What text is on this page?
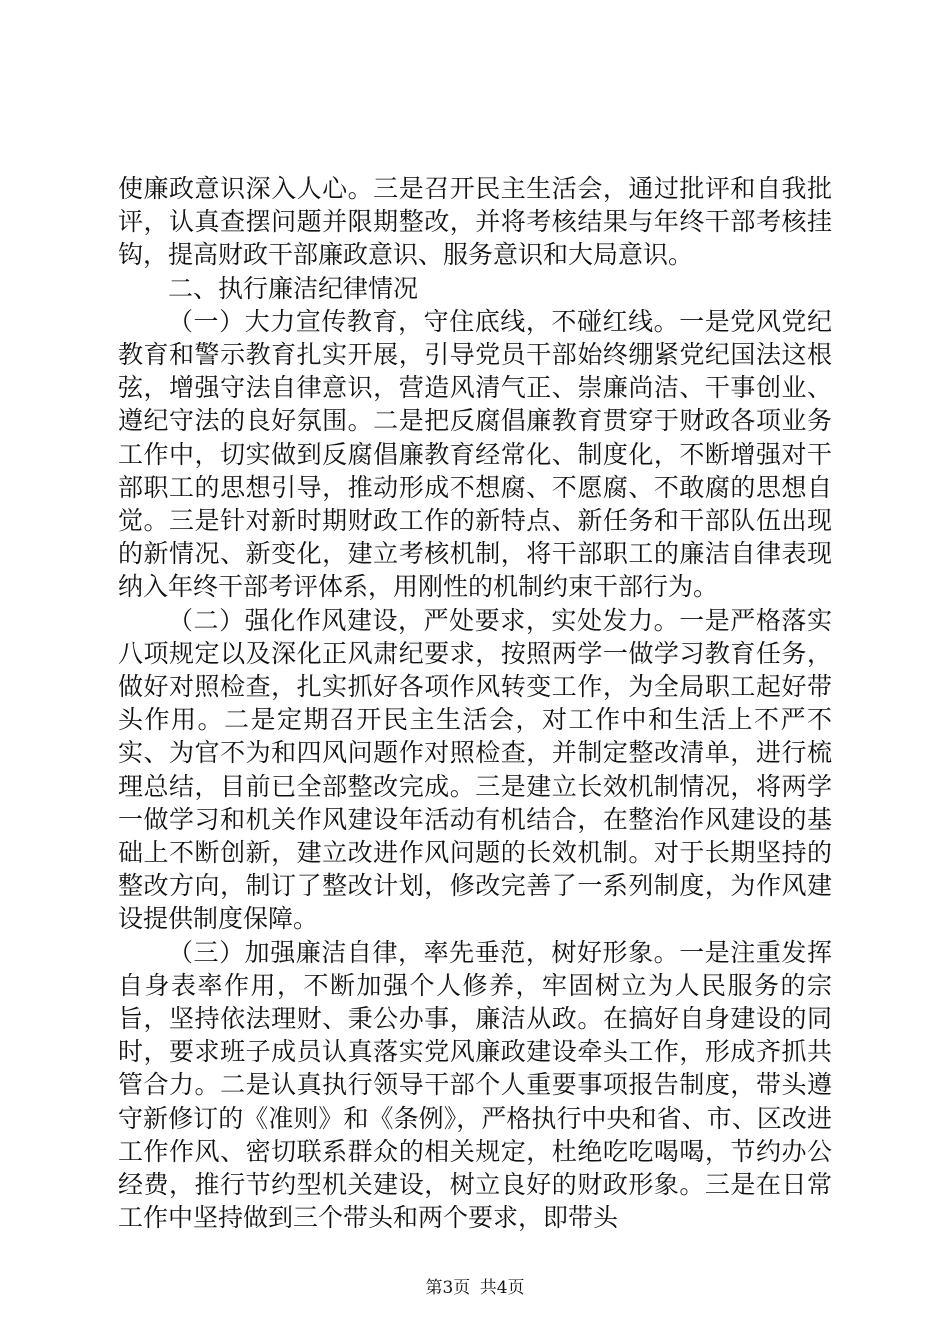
使廉政意识深入人心。三是召开民主生活会，通过批评和自我批评，认真查摆问题并限期整改，并将考核结果与年终干部考核挂钩，提高财政干部廉政意识、服务意识和大局意识。

二、执行廉洁纪律情况

（一）大力宣传教育，守住底线，不碰红线。一是党风党纪教育和警示教育扎实开展，引导党员干部始终绷紧党纪国法这根弦，增强守法自律意识，营造风清气正、崇廉尚洁、干事创业、遵纪守法的良好氛围。二是把反腐倡廉教育贯穿于财政各项业务工作中，切实做到反腐倡廉教育经常化、制度化，不断增强对干部职工的思想引导，推动形成不想腐、不愿腐、不敢腐的思想自觉。三是针对新时期财政工作的新特点、新任务和干部队伍出现的新情况、新变化，建立考核机制，将干部职工的廉洁自律表现纳入年终干部考评体系，用刚性的机制约束干部行为。

（二）强化作风建设，严处要求，实处发力。一是严格落实八项规定以及深化正风肃纪要求，按照两学一做学习教育任务，做好对照检查，扎实抓好各项作风转变工作，为全局职工起好带头作用。二是定期召开民主生活会，对工作中和生活上不严不实、为官不为和四风问题作对照检查，并制定整改清单，进行梳理总结，目前已全部整改完成。三是建立长效机制情况，将两学一做学习和机关作风建设年活动有机结合，在整治作风建设的基础上不断创新，建立改进作风问题的长效机制。对于长期坚持的整改方向，制订了整改计划，修改完善了一系列制度，为作风建设提供制度保障。

（三）加强廉洁自律，率先垂范，树好形象。一是注重发挥自身表率作用，不断加强个人修养，牢固树立为人民服务的宗旨，坚持依法理财、秉公办事，廉洁从政。在搞好自身建设的同时，要求班子成员认真落实党风廉政建设牵头工作，形成齐抓共管合力。二是认真执行领导干部个人重要事项报告制度，带头遵守新修订的《准则》和《条例》，严格执行中央和省、市、区改进工作作风、密切联系群众的相关规定，杜绝吃吃喝喝，节约办公经费，推行节约型机关建设，树立良好的财政形象。三是在日常工作中坚持做到三个带头和两个要求，即带头

第3页 共4页
